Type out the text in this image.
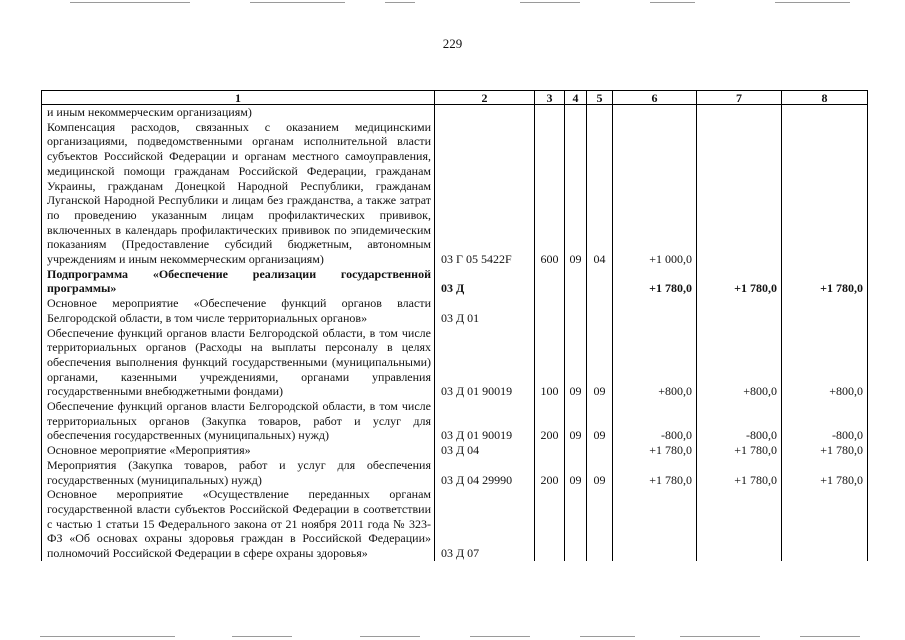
229
1	2	3	4	5	6	7	8
и иным некоммерческим организациям)							
Компенсация расходов, связанных с оказанием медицинскими организациями, подведомственными органам исполнительной власти субъектов Российской Федерации и органам местного самоуправления, медицинской помощи гражданам Российской Федерации, гражданам Украины, гражданам Донецкой Народной Республики, гражданам Луганской Народной Республики и лицам без гражданства, а также затрат по проведению указанным лицам профилактических прививок, включенных в календарь профилактических прививок по эпидемическим показаниям (Предоставление субсидий бюджетным, автономным учреждениям и иным некоммерческим организациям)	03 Г 05 5422F	600	09	04	+1 000,0		
Подпрограмма «Обеспечение реализации государственной программы»	03 Д				+1 780,0	+1 780,0	+1 780,0
Основное мероприятие «Обеспечение функций органов власти Белгородской области, в том числе территориальных органов»	03 Д 01						
Обеспечение функций органов власти Белгородской области, в том числе территориальных органов (Расходы на выплаты персоналу в целях обеспечения выполнения функций государственными (муниципальными) органами, казенными учреждениями, органами управления государственными внебюджетными фондами)	03 Д 01 90019	100	09	09	+800,0	+800,0	+800,0
Обеспечение функций органов власти Белгородской области, в том числе территориальных органов (Закупка товаров, работ и услуг для обеспечения государственных (муниципальных) нужд)	03 Д 01 90019	200	09	09	-800,0	-800,0	-800,0
Основное мероприятие «Мероприятия»	03 Д 04				+1 780,0	+1 780,0	+1 780,0
Мероприятия (Закупка товаров, работ и услуг для обеспечения государственных (муниципальных) нужд)	03 Д 04 29990	200	09	09	+1 780,0	+1 780,0	+1 780,0
Основное мероприятие «Осуществление переданных органам государственной власти субъектов Российской Федерации в соответствии с частью 1 статьи 15 Федерального закона от 21 ноября 2011 года № 323-ФЗ «Об основах охраны здоровья граждан в Российской Федерации» полномочий Российской Федерации в сфере охраны здоровья»	03 Д 07						
